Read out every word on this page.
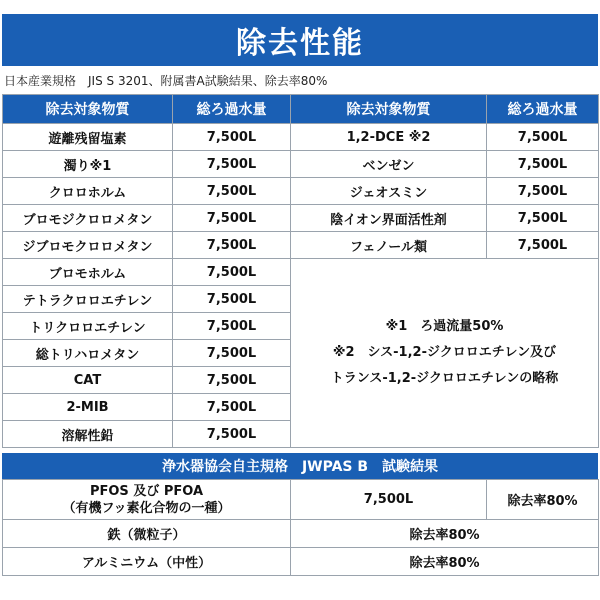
除去性能
日本産業規格　JIS S 3201、附属書A試験結果、除去率80%
除去対象物質	総ろ過水量	除去対象物質	総ろ過水量
遊離残留塩素	7,500L	1,2-DCE ※2	7,500L
濁り※1	7,500L	ベンゼン	7,500L
クロロホルム	7,500L	ジェオスミン	7,500L
ブロモジクロロメタン	7,500L	陰イオン界面活性剤	7,500L
ジブロモクロロメタン	7,500L	フェノール類	7,500L
ブロモホルム	7,500L	※1　ろ過流量50%
※2　シス-1,2-ジクロロエチレン及び
トランス-1,2-ジクロロエチレンの略称	

テトラクロロエチレン	7,500L		
トリクロロエチレン	7,500L		
総トリハロメタン	7,500L		
CAT	7,500L		
2-MIB	7,500L		
溶解性鉛	7,500L		
浄水器協会自主規格　JWPAS B　試験結果
PFOS 及び PFOA
（有機フッ素化合物の一種）	7,500L	除去率80%
鉄（微粒子）	除去率80%	
アルミニウム（中性）	除去率80%	
